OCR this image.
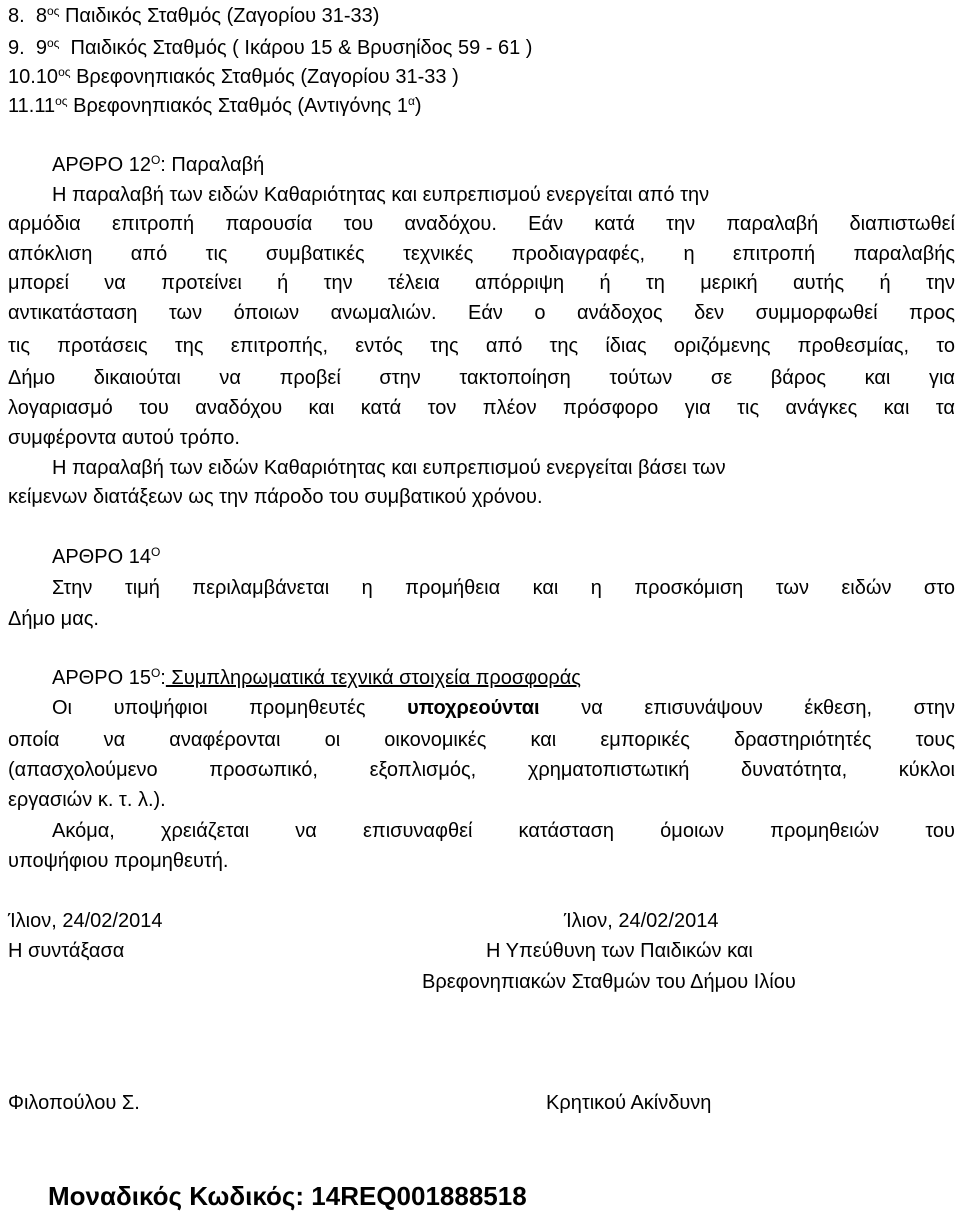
8. $8^{o\varsigma}$ Παιδικός Σταθμός (Ζαγορίου 31-33)
9. $9^{o\varsigma}$ Παιδικός Σταθμός ( Ικάρου 15 & Βρυσηίδος 59 - 61 )
$10.10^{o\varsigma}$ Βρεφονηπιακός Σταθμός (Ζαγορίου 31-33 )
$11.11^{o\varsigma}$ Βρεφονηπιακός Σταθμός (Αντιγόνης $1^\alpha$)
ΑΡΘΡΟ $12^O$: Παραλαβή
Η παραλαβή των ειδών Καθαριότητας και ευπρεπισμού ενεργείται από την
αρμόδια επιτροπή παρουσία του αναδόχου. Εάν κατά την παραλαβή διαπιστωθεί
απόκλιση από τις συμβατικές τεχνικές προδιαγραφές, η επιτροπή παραλαβής
μπορεί να προτείνει ή την τέλεια απόρριψη ή τη μερική αυτής ή την
αντικατάσταση των όποιων ανωμαλιών. Εάν ο ανάδοχος δεν συμμορφωθεί προς
τις προτάσεις της επιτροπής, εντός της από της ίδιας οριζόμενης προθεσμίας, το
Δήμο δικαιούται να προβεί στην τακτοποίηση τούτων σε βάρος και για
λογαριασμό του αναδόχου και κατά τον πλέον πρόσφορο για τις ανάγκες και τα
συμφέροντα αυτού τρόπο.
Η παραλαβή των ειδών Καθαριότητας και ευπρεπισμού ενεργείται βάσει των
κείμενων διατάξεων ως την πάροδο του συμβατικού χρόνου.
ΑΡΘΡΟ $14^O$
Στην τιμή περιλαμβάνεται η προμήθεια και η προσκόμιση των ειδών στο
Δήμο μας.
ΑΡΘΡΟ $15^O$: Συμπληρωματικά τεχνικά στοιχεία προσφοράς
Οι υποψήφιοι προμηθευτές υποχρεούνται να επισυνάψουν έκθεση, στην
οποία να αναφέρονται οι οικονομικές και εμπορικές δραστηριότητές τους
(απασχολούμενο προσωπικό, εξοπλισμός, χρηματοπιστωτική δυνατότητα, κύκλοι
εργασιών κ. τ. λ.).
Ακόμα, χρειάζεται να επισυναφθεί κατάσταση όμοιων προμηθειών του
υποψήφιου προμηθευτή.
Ίλιον, 24/02/2014
Η συντάξασα
Ίλιον, 24/02/2014
Η Υπεύθυνη των Παιδικών και
Βρεφονηπιακών Σταθμών του Δήμου Ιλίου
Φιλοπούλου Σ.	Κρητικού Ακίνδυνη
Μοναδικός Κωδικός: 14REQ001888518
